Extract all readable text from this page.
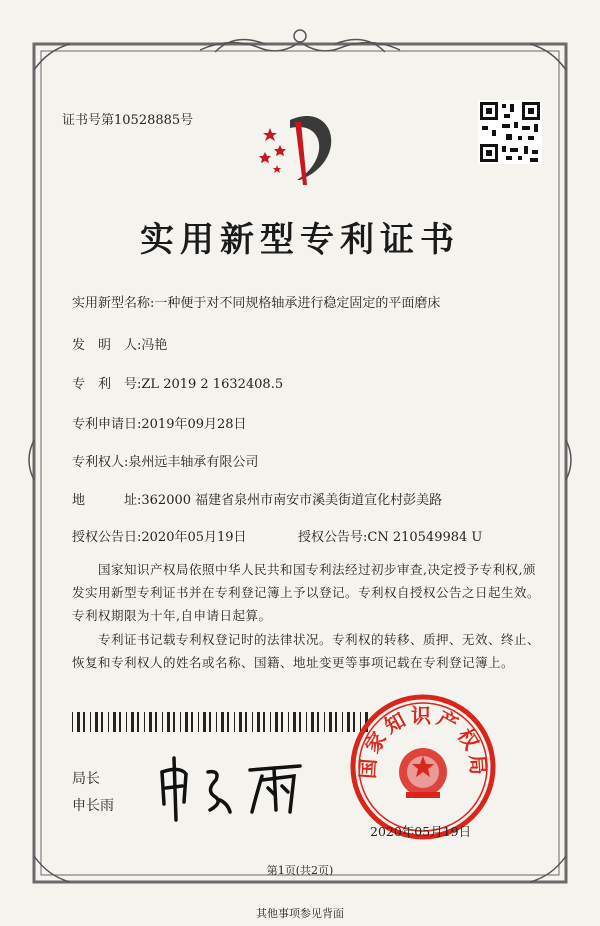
证书号第10528885号
实用新型专利证书
实用新型名称:一种便于对不同规格轴承进行稳定固定的平面磨床
发　明　人:冯艳
专　利　号:ZL 2019 2 1632408.5
专利申请日:2019年09月28日
专利权人:泉州远丰轴承有限公司
地　　　址:362000 福建省泉州市南安市溪美街道宣化村彭美路
授权公告日:2020年05月19日	授权公告号:CN 210549984 U
国家知识产权局依照中华人民共和国专利法经过初步审查,决定授予专利权,颁发实用新型专利证书并在专利登记簿上予以登记。专利权自授权公告之日起生效。专利权期限为十年,自申请日起算。
专利证书记载专利权登记时的法律状况。专利权的转移、质押、无效、终止、恢复和专利权人的姓名或名称、国籍、地址变更等事项记载在专利登记簿上。
局长
申长雨
国家知识产权局
2020年05月19日
第1页(共2页)
其他事项参见背面
